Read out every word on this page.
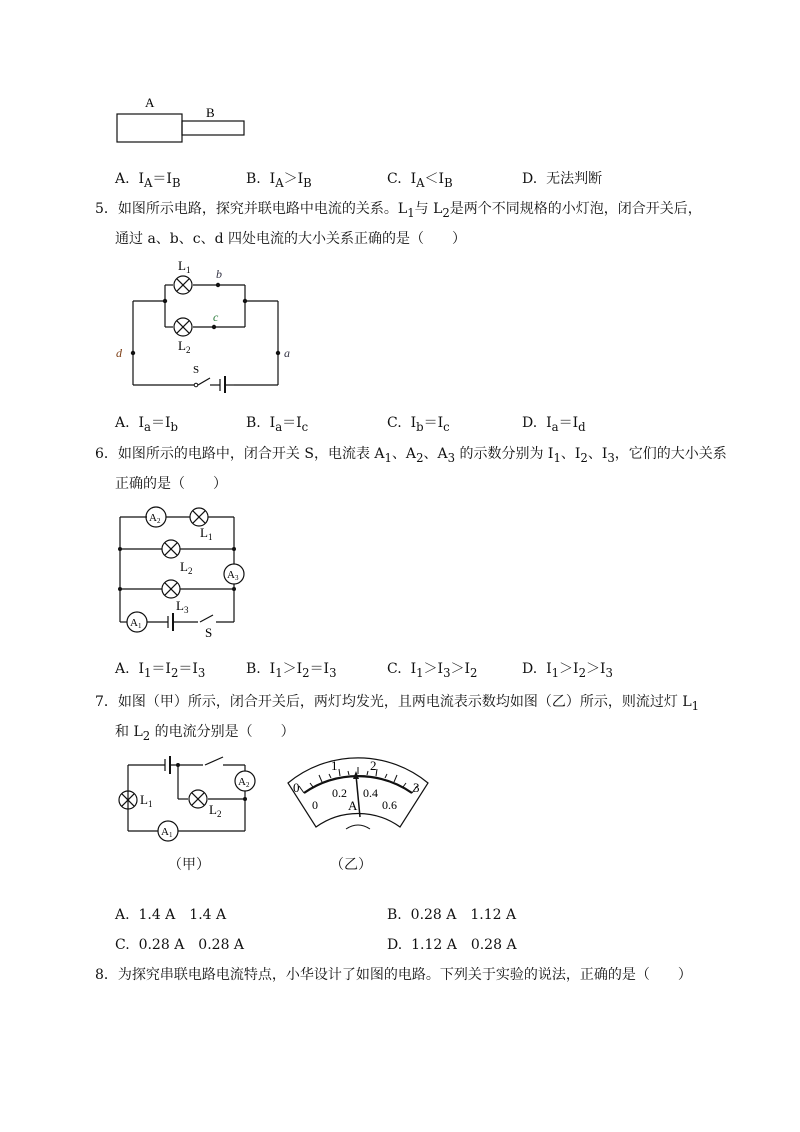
A
B
A. $I_A=I_B$	B. $I_A>I_B$	C. $I_A<I_B$	D. 无法判断
5．如图所示电路，探究并联电路中电流的关系。$L_1$与 $L_2$是两个不同规格的小灯泡，闭合开关后，
通过 a、b、c、d 四处电流的大小关系正确的是（　　）
$L_1$
$L_2$
b
c
d	a
S
A. $I_a=I_b$	B. $I_a=I_c$	C. $I_b=I_c$	D. $I_a=I_d$
6．如图所示的电路中，闭合开关 S，电流表 $A_1$、$A_2$、$A_3$ 的示数分别为 $I_1$、$I_2$、$I_3$，它们的大小关系
正确的是（　　）
A2
A3
A1
$L_1$
$L_2$
$L_3$
S
A. $I_1=I_2=I_3$	B. $I_1>I_2=I_3$	C. $I_1>I_3>I_2$	D. $I_1>I_2>I_3$
7．如图（甲）所示，闭合开关后，两灯均发光，且两电流表示数均如图（乙）所示，则流过灯 $L_1$
和 $L_2$ 的电流分别是（　　）
$L_1$	$L_2$
A2
A1
（甲）
0
1	2
3
0
0.2 0.4
0.6
A
（乙）
A. 1.4 A　1.4 A	B. 0.28 A　1.12 A
C. 0.28 A　0.28 A	D. 1.12 A　0.28 A
8．为探究串联电路电流特点，小华设计了如图的电路。下列关于实验的说法，正确的是（　　）
